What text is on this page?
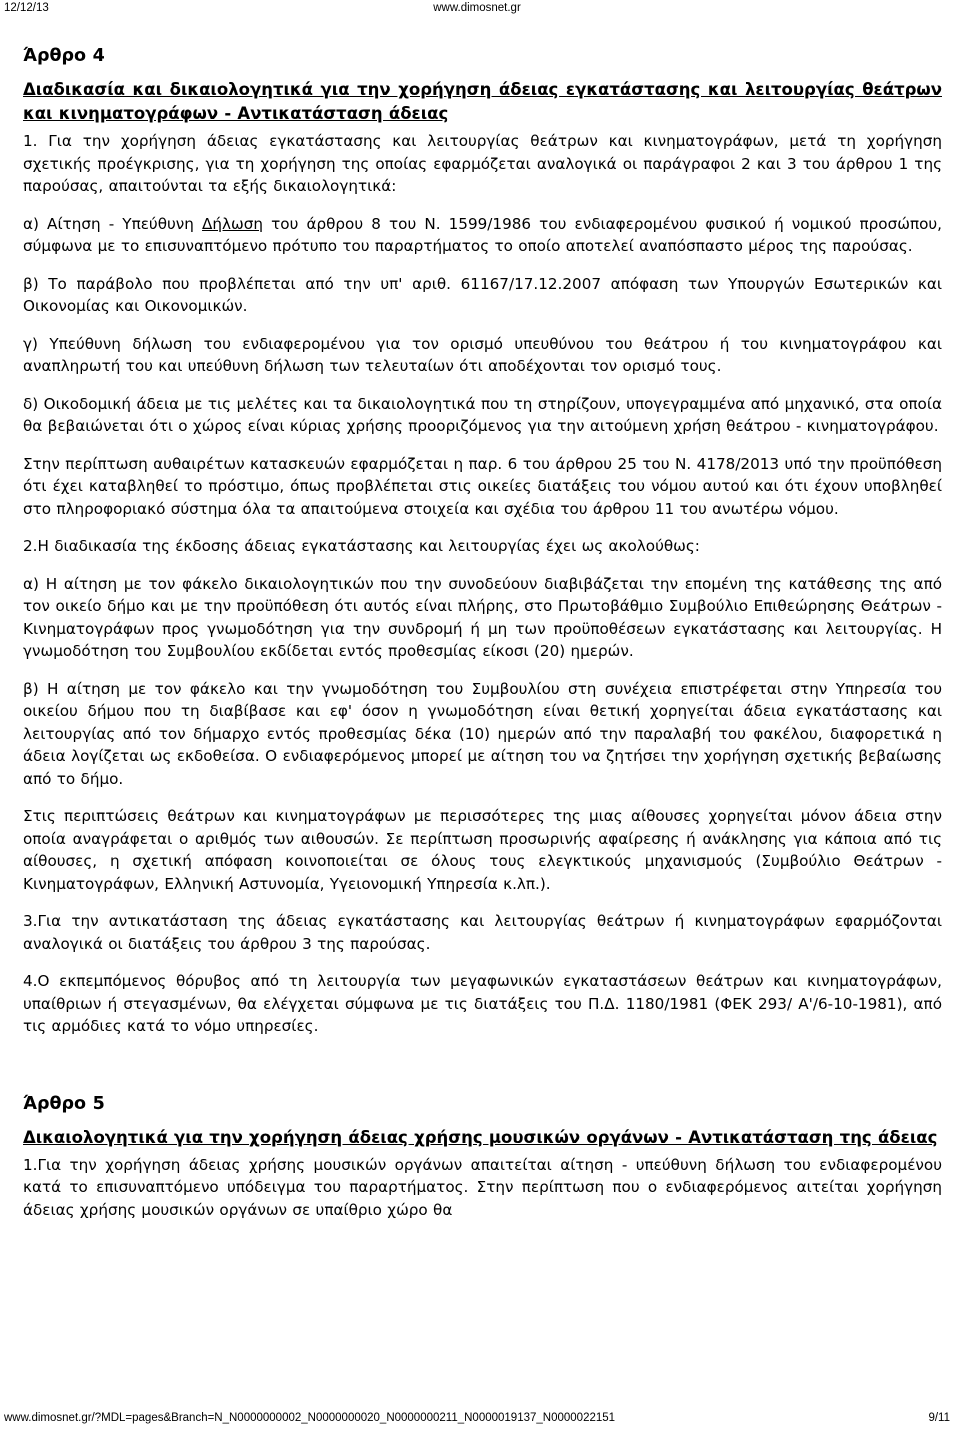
12/12/13	www.dimosnet.gr
Άρθρο 4
Διαδικασία και δικαιολογητικά για την χορήγηση άδειας εγκατάστασης και λειτουργίας θεάτρων και κινηματογράφων - Αντικατάσταση άδειας

1. Για την χορήγηση άδειας εγκατάστασης και λειτουργίας θεάτρων και κινηματογράφων, μετά τη χορήγηση σχετικής προέγκρισης, για τη χορήγηση της οποίας εφαρμόζεται αναλογικά οι παράγραφοι 2 και 3 του άρθρου 1 της παρούσας, απαιτούνται τα εξής δικαιολογητικά:

α) Αίτηση - Υπεύθυνη Δήλωση του άρθρου 8 του Ν. 1599/1986 του ενδιαφερομένου φυσικού ή νομικού προσώπου, σύμφωνα με το επισυναπτόμενο πρότυπο του παραρτήματος το οποίο αποτελεί αναπόσπαστο μέρος της παρούσας.

β) Το παράβολο που προβλέπεται από την υπ' αριθ. 61167/17.12.2007 απόφαση των Υπουργών Εσωτερικών και Οικονομίας και Οικονομικών.

γ) Υπεύθυνη δήλωση του ενδιαφερομένου για τον ορισμό υπευθύνου του θεάτρου ή του κινηματογράφου και αναπληρωτή του και υπεύθυνη δήλωση των τελευταίων ότι αποδέχονται τον ορισμό τους.

δ) Οικοδομική άδεια με τις μελέτες και τα δικαιολογητικά που τη στηρίζουν, υπογεγραμμένα από μηχανικό, στα οποία θα βεβαιώνεται ότι ο χώρος είναι κύριας χρήσης προοριζόμενος για την αιτούμενη χρήση θεάτρου - κινηματογράφου.

Στην περίπτωση αυθαιρέτων κατασκευών εφαρμόζεται η παρ. 6 του άρθρου 25 του Ν. 4178/2013 υπό την προϋπόθεση ότι έχει καταβληθεί το πρόστιμο, όπως προβλέπεται στις οικείες διατάξεις του νόμου αυτού και ότι έχουν υποβληθεί στο πληροφοριακό σύστημα όλα τα απαιτούμενα στοιχεία και σχέδια του άρθρου 11 του ανωτέρω νόμου.

2.Η διαδικασία της έκδοσης άδειας εγκατάστασης και λειτουργίας έχει ως ακολούθως:

α) Η αίτηση με τον φάκελο δικαιολογητικών που την συνοδεύουν διαβιβάζεται την επομένη της κατάθεσης της από τον οικείο δήμο και με την προϋπόθεση ότι αυτός είναι πλήρης, στο Πρωτοβάθμιο Συμβούλιο Επιθεώρησης Θεάτρων - Κινηματογράφων προς γνωμοδότηση για την συνδρομή ή μη των προϋποθέσεων εγκατάστασης και λειτουργίας. Η γνωμοδότηση του Συμβουλίου εκδίδεται εντός προθεσμίας είκοσι (20) ημερών.

β) Η αίτηση με τον φάκελο και την γνωμοδότηση του Συμβουλίου στη συνέχεια επιστρέφεται στην Υπηρεσία του οικείου δήμου που τη διαβίβασε και εφ' όσον η γνωμοδότηση είναι θετική χορηγείται άδεια εγκατάστασης και λειτουργίας από τον δήμαρχο εντός προθεσμίας δέκα (10) ημερών από την παραλαβή του φακέλου, διαφορετικά η άδεια λογίζεται ως εκδοθείσα. Ο ενδιαφερόμενος μπορεί με αίτηση του να ζητήσει την χορήγηση σχετικής βεβαίωσης από το δήμο.

Στις περιπτώσεις θεάτρων και κινηματογράφων με περισσότερες της μιας αίθουσες χορηγείται μόνον άδεια στην οποία αναγράφεται ο αριθμός των αιθουσών. Σε περίπτωση προσωρινής αφαίρεσης ή ανάκλησης για κάποια από τις αίθουσες, η σχετική απόφαση κοινοποιείται σε όλους τους ελεγκτικούς μηχανισμούς (Συμβούλιο Θεάτρων - Κινηματογράφων, Ελληνική Αστυνομία, Υγειονομική Υπηρεσία κ.λπ.).

3.Για την αντικατάσταση της άδειας εγκατάστασης και λειτουργίας θεάτρων ή κινηματογράφων εφαρμόζονται αναλογικά οι διατάξεις του άρθρου 3 της παρούσας.

4.Ο εκπεμπόμενος θόρυβος από τη λειτουργία των μεγαφωνικών εγκαταστάσεων θεάτρων και κινηματογράφων, υπαίθριων ή στεγασμένων, θα ελέγχεται σύμφωνα με τις διατάξεις του Π.Δ. 1180/1981 (ΦΕΚ 293/ Α'/6-10-1981), από τις αρμόδιες κατά το νόμο υπηρεσίες.

Άρθρο 5
Δικαιολογητικά για την χορήγηση άδειας χρήσης μουσικών οργάνων - Αντικατάσταση της άδειας

1.Για την χορήγηση άδειας χρήσης μουσικών οργάνων απαιτείται αίτηση - υπεύθυνη δήλωση του ενδιαφερομένου κατά το επισυναπτόμενο υπόδειγμα του παραρτήματος. Στην περίπτωση που ο ενδιαφερόμενος αιτείται χορήγηση άδειας χρήσης μουσικών οργάνων σε υπαίθριο χώρο θα

www.dimosnet.gr/?MDL=pages&Branch=N_N0000000002_N0000000020_N0000000211_N0000019137_N0000022151	9/11
